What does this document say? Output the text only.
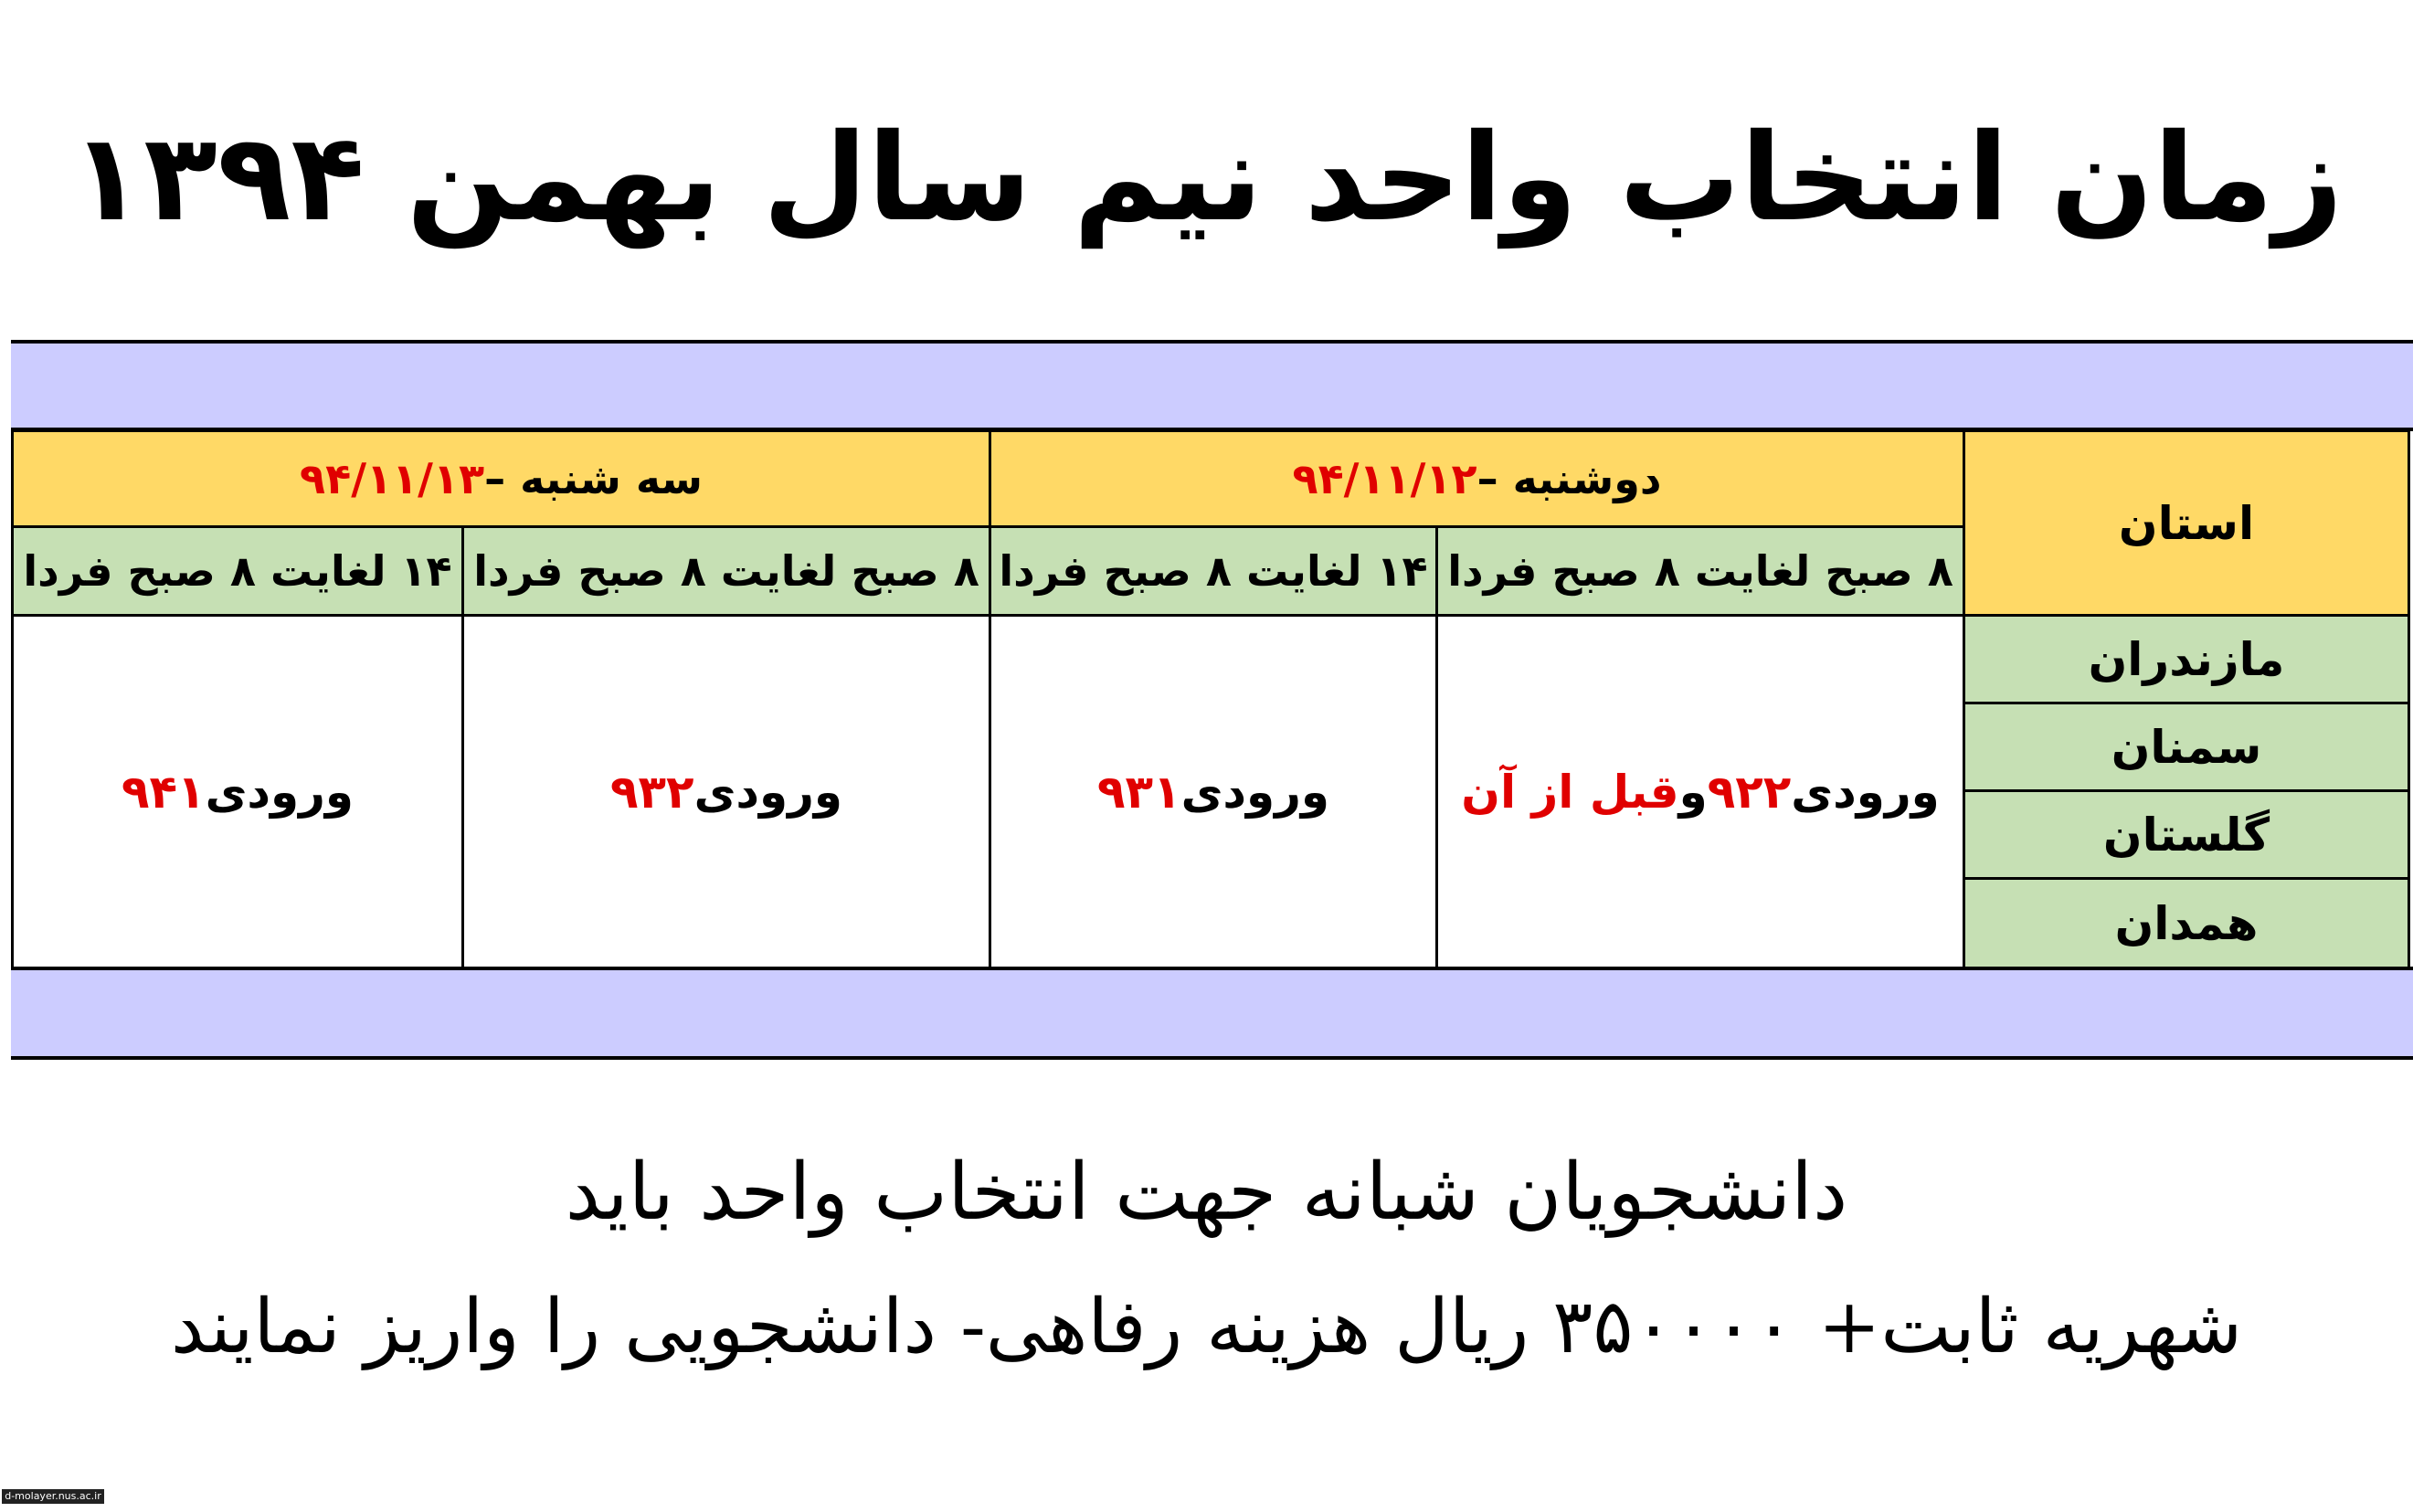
زمان انتخاب واحد نیم سال بهمن ۱۳۹۴
استان
دوشنبه –
۹۴/۱۱/۱۲
سه شنبه –
۹۴/۱۱/۱۳
۸ صبح لغایت ۸ صبح فردا
۱۴ لغایت ۸ صبح فردا
۸ صبح لغایت ۸ صبح فردا
۱۴ لغایت ۸ صبح فردا
مازندران
سمنان
گلستان
همدان
ورودی
۹۲۲
و
قبل از آن
ورودی
۹۳۱
ورودی
۹۳۲
ورودی
۹۴۱
دانشجویان شبانه جهت انتخاب واحد باید
شهریه ثابت+ ۳۵۰۰۰۰ ریال هزینه رفاهی- دانشجویی را واریز نمایند
d-molayer.nus.ac.ir
